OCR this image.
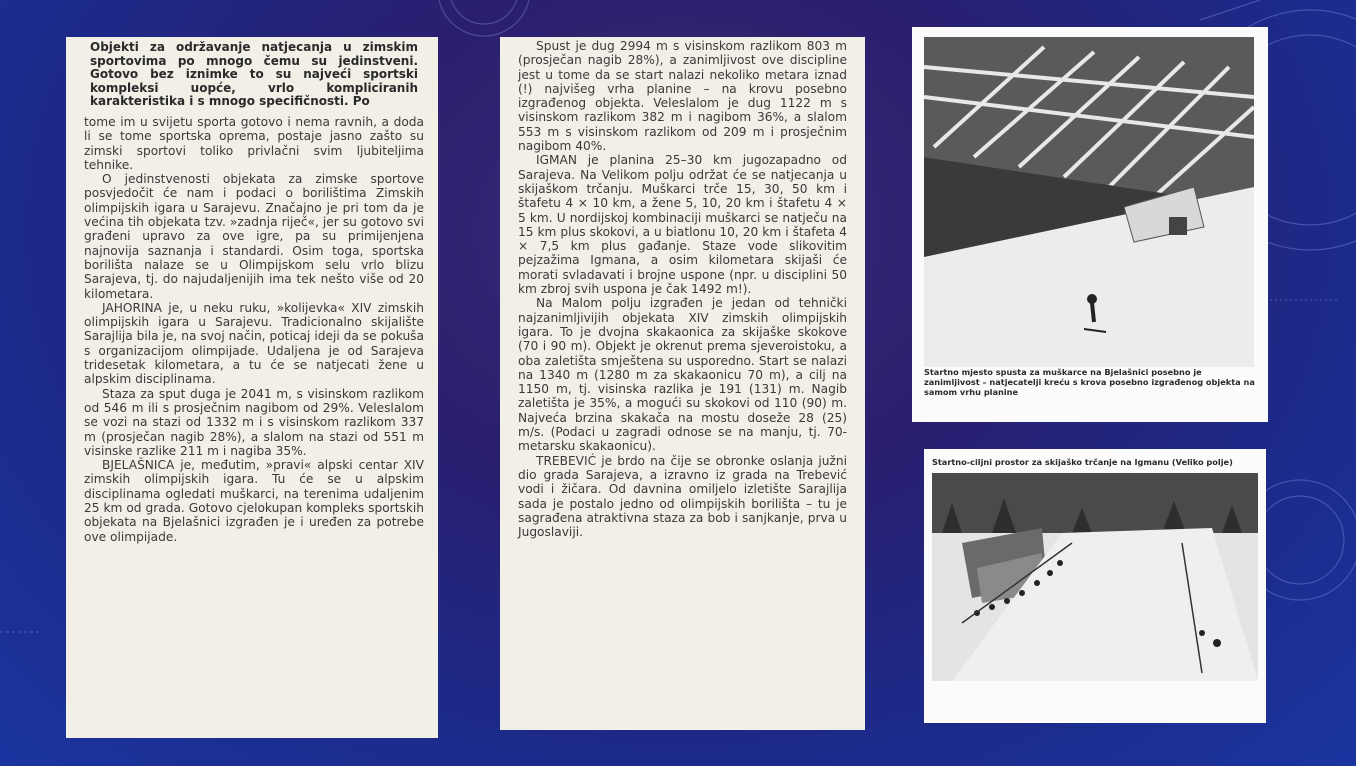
Objekti za održavanje natjecanja u zimskim sportovima po mnogo čemu su jedinstveni. Gotovo bez iznimke to su najveći sportski kompleksi uopće, vrlo kompliciranih karakteristika i s mnogo specifičnosti. Po

tome im u svijetu sporta gotovo i nema ravnih, a doda li se tome sportska oprema, postaje jasno zašto su zimski sportovi toliko privlačni svim ljubiteljima tehnike.

O jedinstvenosti objekata za zimske sportove posvjedočit će nam i podaci o borilištima Zimskih olimpijskih igara u Sarajevu. Značajno je pri tom da je većina tih objekata tzv. »zadnja riječ«, jer su gotovo svi građeni upravo za ove igre, pa su primijenjena najnovija saznanja i standardi. Osim toga, sportska borilišta nalaze se u Olimpijskom selu vrlo blizu Sarajeva, tj. do najudaljenijih ima tek nešto više od 20 kilometara.

JAHORINA je, u neku ruku, »kolijevka« XIV zimskih olimpijskih igara u Sarajevu. Tradicionalno skijalište Sarajlija bila je, na svoj način, poticaj ideji da se pokuša s organizacijom olimpijade. Udaljena je od Sarajeva tridesetak kilometara, a tu će se natjecati žene u alpskim disciplinama.

Staza za sput duga je 2041 m, s visinskom razlikom od 546 m ili s prosječnim nagibom od 29%. Veleslalom se vozi na stazi od 1332 m i s visinskom razlikom 337 m (prosječan nagib 28%), a slalom na stazi od 551 m visinske razlike 211 m i nagiba 35%.

BJELAŠNICA je, međutim, »pravi« alpski centar XIV zimskih olimpijskih igara. Tu će se u alpskim disciplinama ogledati muškarci, na terenima udaljenim 25 km od grada. Gotovo cjelokupan kompleks sportskih objekata na Bjelašnici izgrađen je i uređen za potrebe ove olimpijade.

Spust je dug 2994 m s visinskom razlikom 803 m (prosječan nagib 28%), a zanimljivost ove discipline jest u tome da se start nalazi nekoliko metara iznad (!) najvišeg vrha planine – na krovu posebno izgrađenog objekta. Veleslalom je dug 1122 m s visinskom razlikom 382 m i nagibom 36%, a slalom 553 m s visinskom razlikom od 209 m i prosječnim nagibom 40%.

IGMAN je planina 25–30 km jugozapadno od Sarajeva. Na Velikom polju održat će se natjecanja u skijaškom trčanju. Muškarci trče 15, 30, 50 km i štafetu 4 × 10 km, a žene 5, 10, 20 km i štafetu 4 × 5 km. U nordijskoj kombinaciji muškarci se natječu na 15 km plus skokovi, a u biatlonu 10, 20 km i štafeta 4 × 7,5 km plus gađanje. Staze vode slikovitim pejzažima Igmana, a osim kilometara skijaši će morati svladavati i brojne uspone (npr. u disciplini 50 km zbroj svih uspona je čak 1492 m!).

Na Malom polju izgrađen je jedan od tehnički najzanimljivijih objekata XIV zimskih olimpijskih igara. To je dvojna skakaonica za skijaške skokove (70 i 90 m). Objekt je okrenut prema sjeveroistoku, a oba zaletišta smještena su usporedno. Start se nalazi na 1340 m (1280 m za skakaonicu 70 m), a cilj na 1150 m, tj. visinska razlika je 191 (131) m. Nagib zaletišta je 35%, a mogući su skokovi od 110 (90) m. Najveća brzina skakača na mostu doseže 28 (25) m/s. (Podaci u zagradi odnose se na manju, tj. 70-metarsku skakaonicu).

TREBEVIĆ je brdo na čije se obronke oslanja južni dio grada Sarajeva, a izravno iz grada na Trebević vodi i žičara. Od davnina omiljelo izletište Sarajlija sada je postalo jedno od olimpijskih borilišta – tu je sagrađena atraktivna staza za bob i sanjkanje, prva u Jugoslaviji.

Startno mjesto spusta za muškarce na Bjelašnici posebno je zanimljivost – natjecatelji kreću s krova posebno izgrađenog objekta na samom vrhu planine
Startno-ciljni prostor za skijaško trčanje na Igmanu (Veliko polje)
